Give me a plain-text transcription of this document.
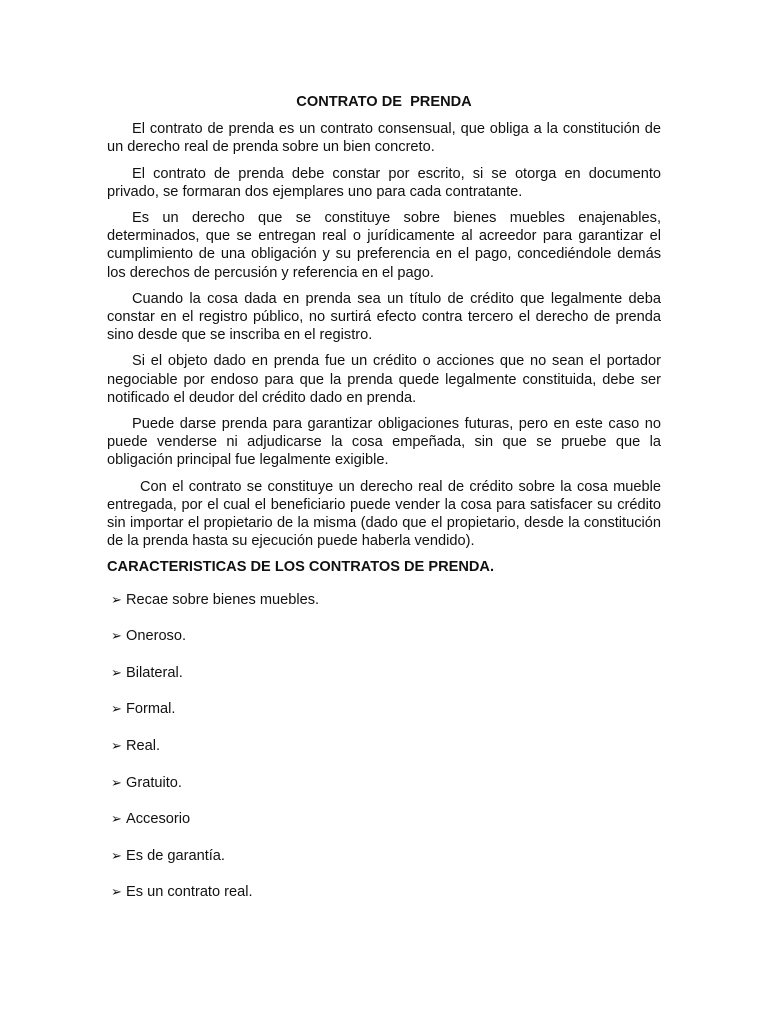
CONTRATO DE  PRENDA

El contrato de prenda es un contrato consensual, que obliga a la constitución de un derecho real de prenda sobre un bien concreto.

El contrato de prenda debe constar por escrito, si se otorga en documento privado, se formaran dos ejemplares uno para cada contratante.

Es un derecho que se constituye sobre bienes muebles enajenables, determinados, que se entregan real o jurídicamente al acreedor para garantizar el cumplimiento de una obligación y su preferencia en el pago, concediéndole demás los derechos de percusión y referencia en el pago.

Cuando la cosa dada en prenda sea un título de crédito que legalmente deba constar en el registro público, no surtirá efecto contra tercero el derecho de prenda sino desde que se inscriba en el registro.

Si el objeto dado en prenda fue un crédito o acciones que no sean el portador negociable por endoso para que la prenda quede legalmente constituida, debe ser notificado el deudor del crédito dado en prenda.

Puede darse prenda para garantizar obligaciones futuras, pero en este caso no puede venderse ni adjudicarse la cosa empeñada, sin que se pruebe que la obligación principal fue legalmente exigible.

Con el contrato se constituye un derecho real de crédito sobre la cosa mueble entregada, por el cual el beneficiario puede vender la cosa para satisfacer su crédito sin importar el propietario de la misma (dado que el propietario, desde la constitución de la prenda hasta su ejecución puede haberla vendido).

CARACTERISTICAS DE LOS CONTRATOS DE PRENDA.
➢ Recae sobre bienes muebles.
➢ Oneroso.
➢ Bilateral.
➢ Formal.
➢ Real.
➢ Gratuito.
➢ Accesorio
➢ Es de garantía.
➢ Es un contrato real.
